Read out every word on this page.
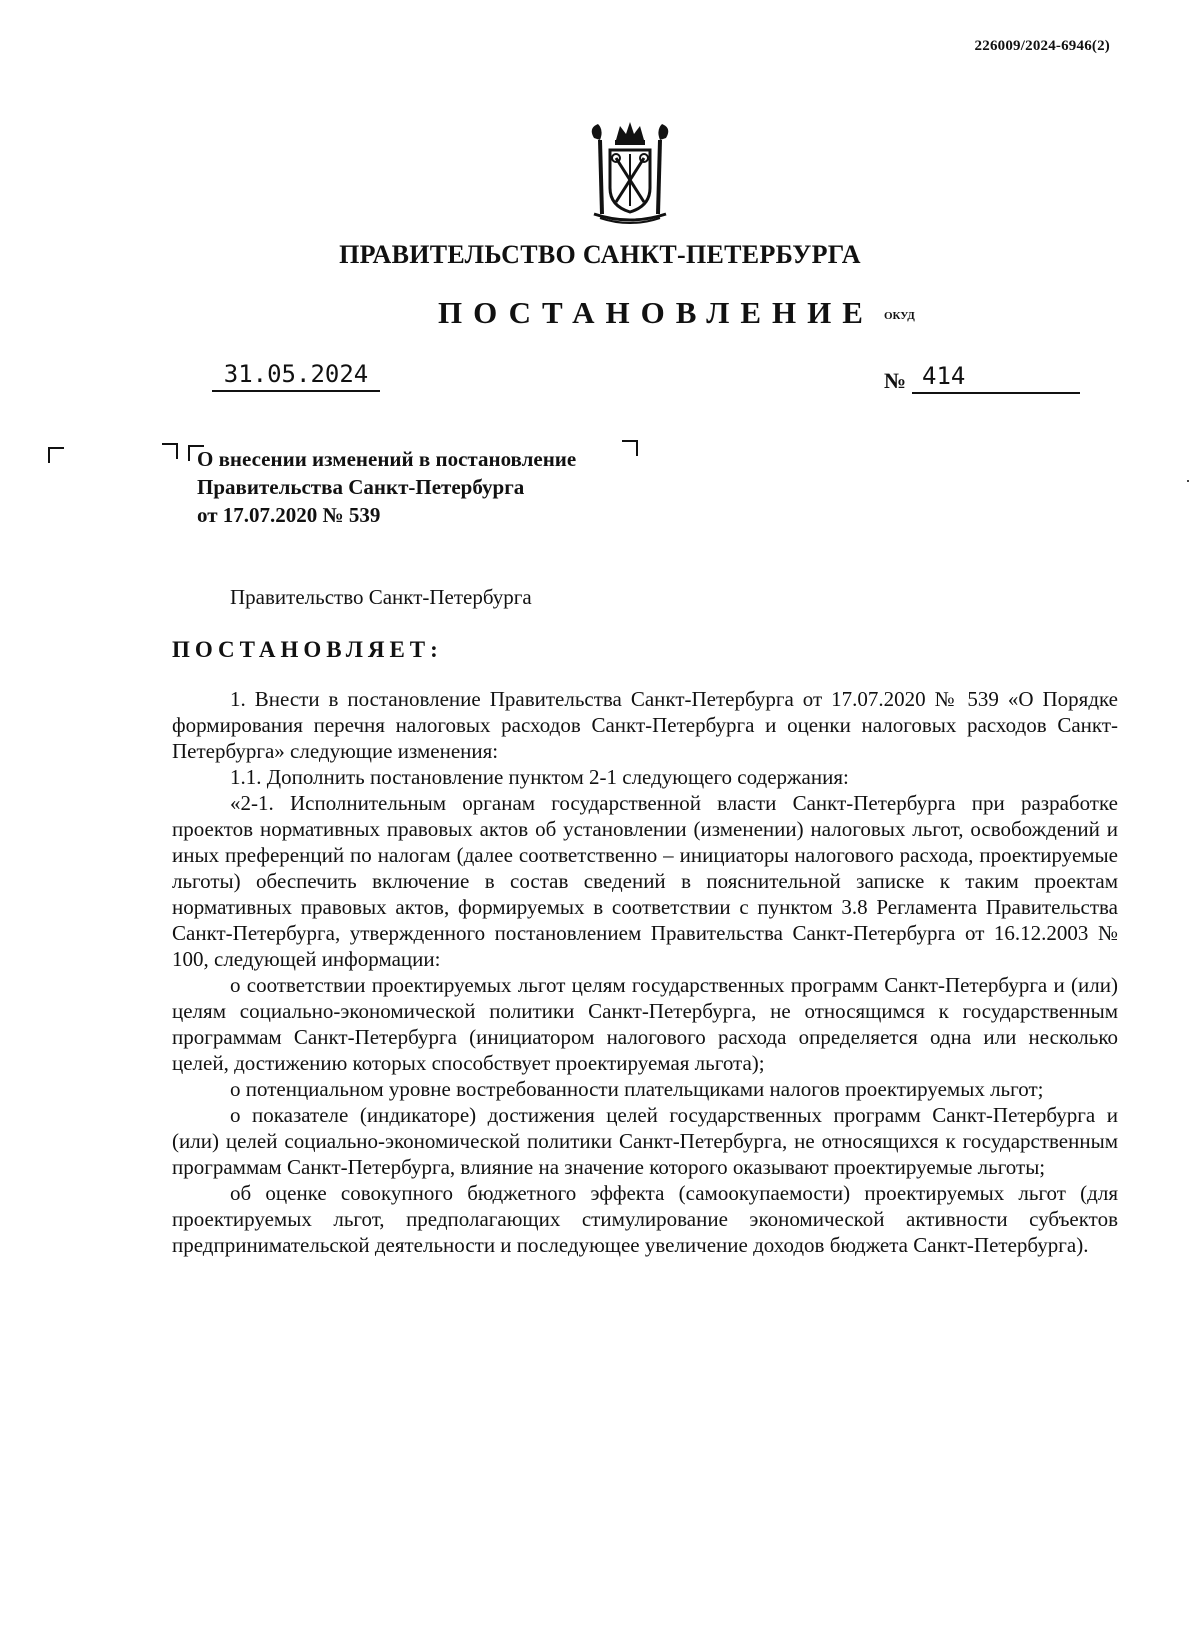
226009/2024-6946(2)
ПРАВИТЕЛЬСТВО САНКТ-ПЕТЕРБУРГА
ПОСТАНОВЛЕНИЕ ОКУД
31.05.2024	№ 414
О внесении изменений в постановление
Правительства Санкт-Петербурга
от 17.07.2020 № 539
Правительство Санкт-Петербурга
ПОСТАНОВЛЯЕТ:

1. Внести в постановление Правительства Санкт-Петербурга от 17.07.2020 № 539 «О Порядке формирования перечня налоговых расходов Санкт-Петербурга и оценки налоговых расходов Санкт-Петербурга» следующие изменения:

1.1. Дополнить постановление пунктом 2-1 следующего содержания:

«2-1. Исполнительным органам государственной власти Санкт-Петербурга при разработке проектов нормативных правовых актов об установлении (изменении) налоговых льгот, освобождений и иных преференций по налогам (далее соответственно – инициаторы налогового расхода, проектируемые льготы) обеспечить включение в состав сведений в пояснительной записке к таким проектам нормативных правовых актов, формируемых в соответствии с пунктом 3.8 Регламента Правительства Санкт-Петербурга, утвержденного постановлением Правительства Санкт-Петербурга от 16.12.2003 № 100, следующей информации:

о соответствии проектируемых льгот целям государственных программ Санкт-Петербурга и (или) целям социально-экономической политики Санкт-Петербурга, не относящимся к государственным программам Санкт-Петербурга (инициатором налогового расхода определяется одна или несколько целей, достижению которых способствует проектируемая льгота);

о потенциальном уровне востребованности плательщиками налогов проектируемых льгот;

о показателе (индикаторе) достижения целей государственных программ Санкт-Петербурга и (или) целей социально-экономической политики Санкт-Петербурга, не относящихся к государственным программам Санкт-Петербурга, влияние на значение которого оказывают проектируемые льготы;

об оценке совокупного бюджетного эффекта (самоокупаемости) проектируемых льгот (для проектируемых льгот, предполагающих стимулирование экономической активности субъектов предпринимательской деятельности и последующее увеличение доходов бюджета Санкт-Петербурга).
